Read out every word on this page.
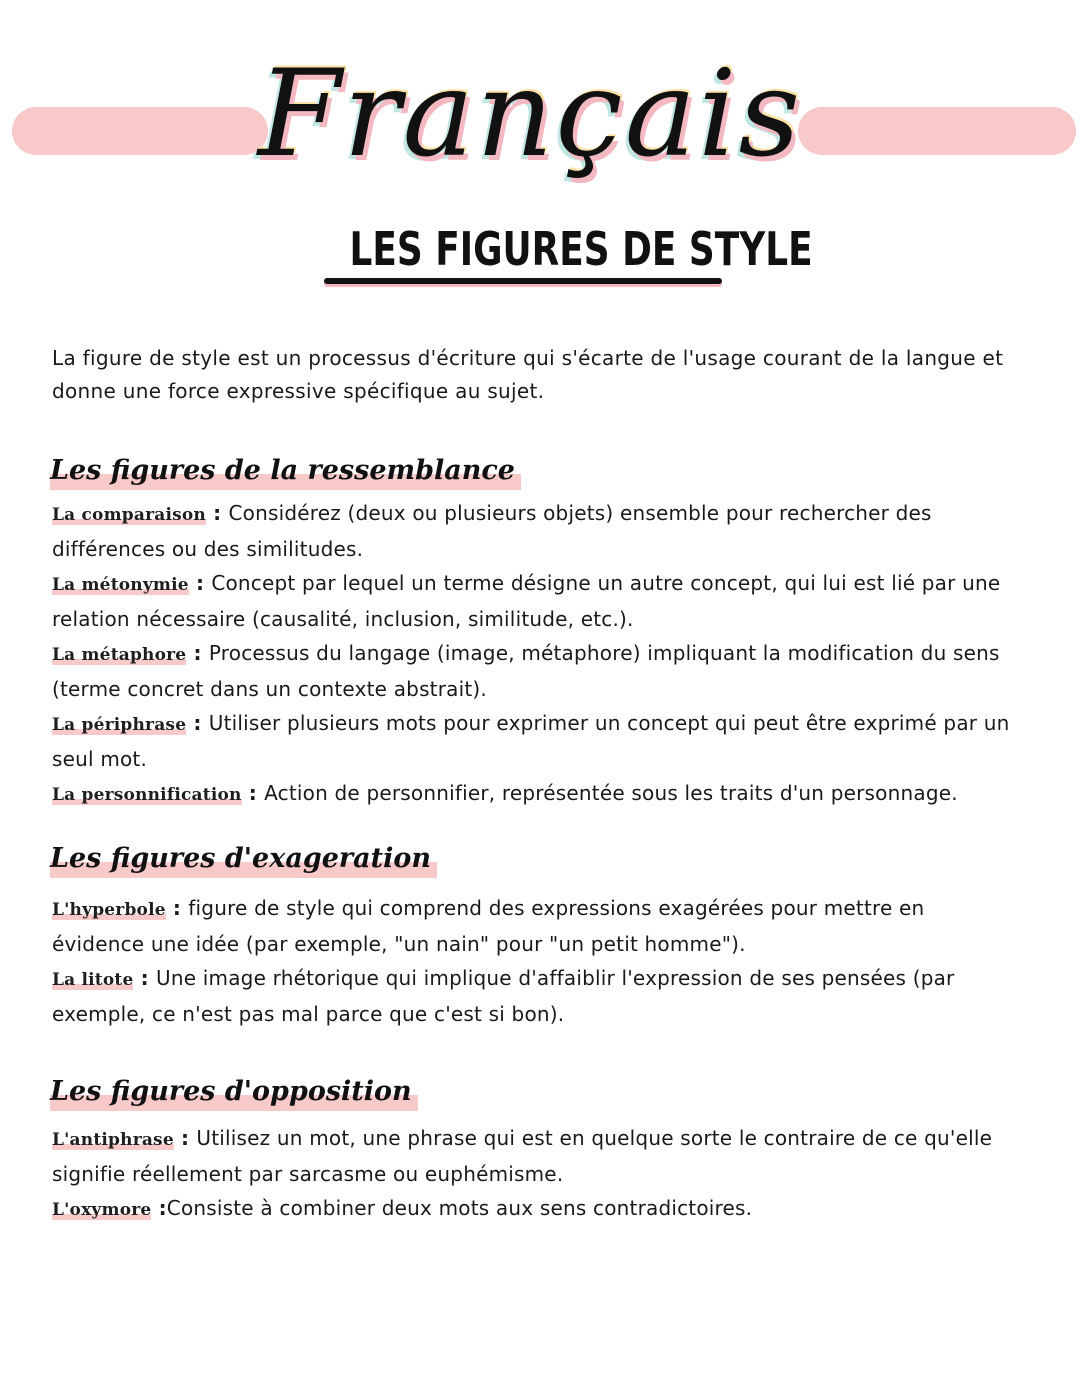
Français
LES FIGURES DE STYLE

La figure de style est un processus d'écriture qui s'écarte de l'usage courant de la langue et donne une force expressive spécifique au sujet.

Les figures de la ressemblance

La comparaison : Considérez (deux ou plusieurs objets) ensemble pour rechercher des différences ou des similitudes.

La métonymie : Concept par lequel un terme désigne un autre concept, qui lui est lié par une relation nécessaire (causalité, inclusion, similitude, etc.).

La métaphore : Processus du langage (image, métaphore) impliquant la modification du sens (terme concret dans un contexte abstrait).

La périphrase : Utiliser plusieurs mots pour exprimer un concept qui peut être exprimé par un seul mot.

La personnification : Action de personnifier, représentée sous les traits d'un personnage.

Les figures d'exageration

L'hyperbole : figure de style qui comprend des expressions exagérées pour mettre en évidence une idée (par exemple, "un nain" pour "un petit homme").

La litote : Une image rhétorique qui implique d'affaiblir l'expression de ses pensées (par exemple, ce n'est pas mal parce que c'est si bon).

Les figures d'opposition

L'antiphrase : Utilisez un mot, une phrase qui est en quelque sorte le contraire de ce qu'elle signifie réellement par sarcasme ou euphémisme.

L'oxymore :Consiste à combiner deux mots aux sens contradictoires.
